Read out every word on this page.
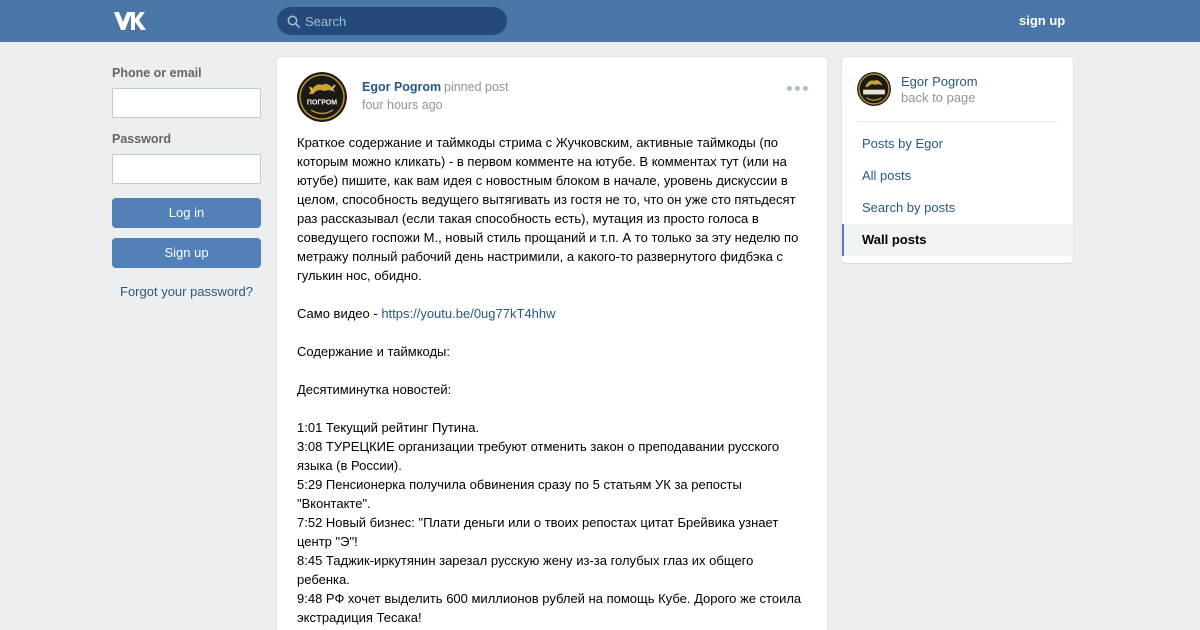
Search
sign up
Phone or email
Password
Log in
Sign up
Forgot your password?
ПОГРОМ
Egor Pogrom pinned post
four hours ago

Краткое содержание и таймкоды стрима с Жучковским, активные таймкоды (по которым можно кликать) - в первом комменте на ютубе. В комментах тут (или на ютубе) пишите, как вам идея с новостным блоком в начале, уровень дискуссии в целом, способность ведущего вытягивать из гостя не то, что он уже сто пятьдесят раз рассказывал (если такая способность есть), мутация из просто голоса в соведущего госпожи М., новый стиль прощаний и т.п. А то только за эту неделю по метражу полный рабочий день настримили, а какого-то развернутого фидбэка с гулькин нос, обидно.

Само видео - https://youtu.be/0ug77kT4hhw

Содержание и таймкоды:

Десятиминутка новостей:

1:01 Текущий рейтинг Путина.

3:08 ТУРЕЦКИЕ организации требуют отменить закон о преподавании русского языка (в России).

5:29 Пенсионерка получила обвинения сразу по 5 статьям УК за репосты "Вконтакте".

7:52 Новый бизнес: "Плати деньги или о твоих репостах цитат Брейвика узнает центр "Э"!

8:45 Таджик-иркутянин зарезал русскую жену из-за голубых глаз их общего ребенка.

9:48 РФ хочет выделить 600 миллионов рублей на помощь Кубе. Дорого же стоила экстрадиция Тесака!

Egor Pogrom
back to page
Posts by Egor
All posts
Search by posts
Wall posts
